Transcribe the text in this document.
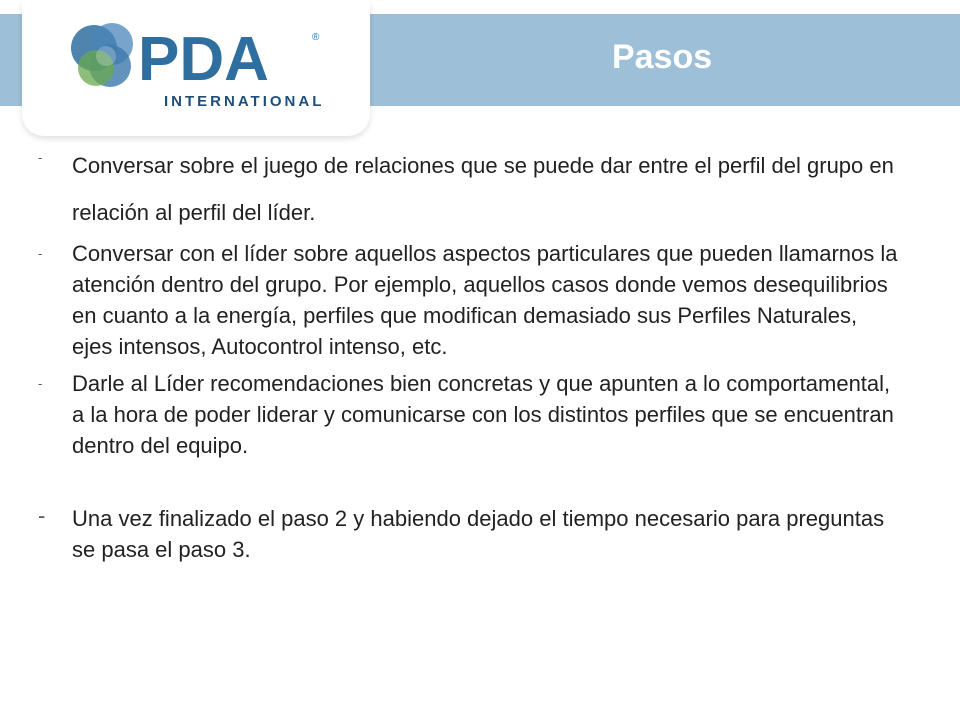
PDA	®
INTERNATIONAL
Pasos
- Conversar sobre el juego de relaciones que se puede dar entre el perfil del grupo en relación al perfil del líder.
- Conversar con el líder sobre aquellos aspectos particulares que pueden llamarnos la atención dentro del grupo. Por ejemplo, aquellos casos donde vemos desequilibrios en cuanto a la energía, perfiles que modifican demasiado sus Perfiles Naturales, ejes intensos, Autocontrol intenso, etc.
- Darle al Líder recomendaciones bien concretas y que apunten a lo comportamental, a la hora de poder liderar y comunicarse con los distintos perfiles que se encuentran dentro del equipo.
- Una vez finalizado el paso 2 y habiendo dejado el tiempo necesario para preguntas se pasa el paso 3.
